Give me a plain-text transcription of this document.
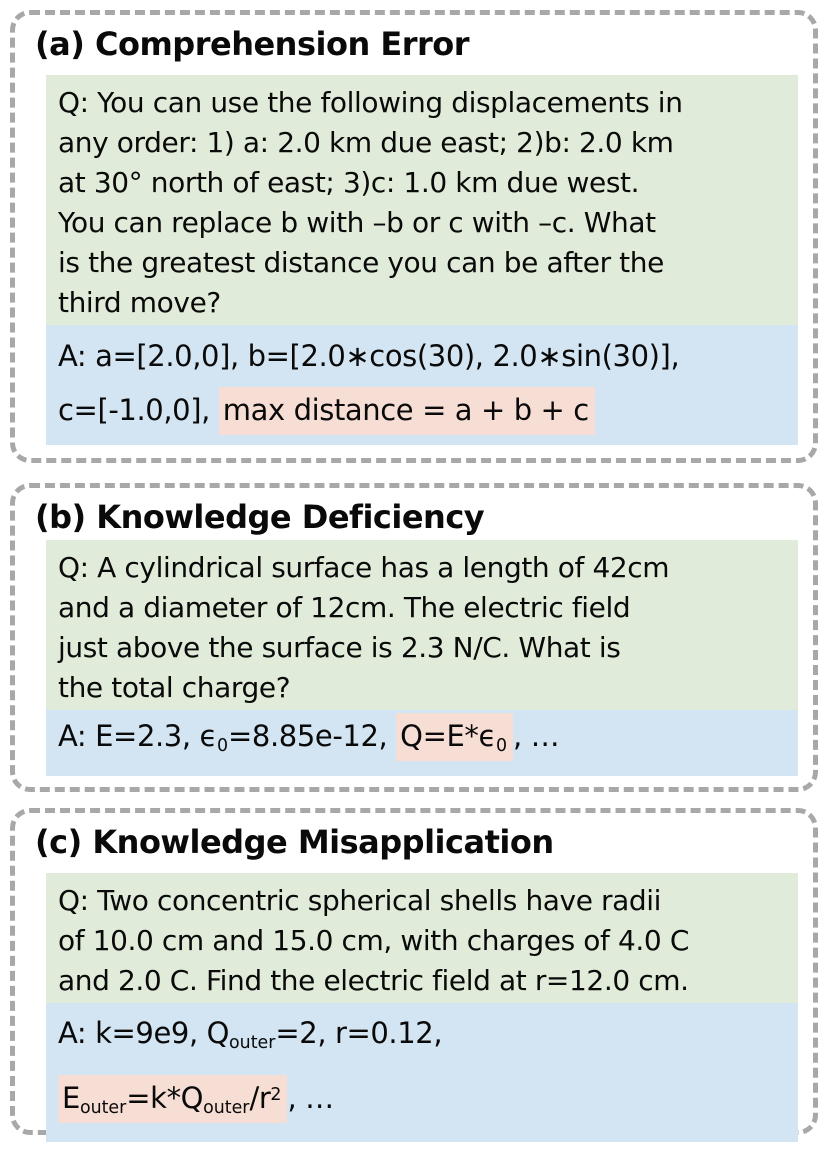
(a) Comprehension Error
Q: You can use the following displacements in
any order: 1) a: 2.0 km due east; 2)b: 2.0 km
at 30° north of east; 3)c: 1.0 km due west.
You can replace b with –b or c with –c. What
is the greatest distance you can be after the
third move?
A: a=[2.0,0], b=[2.0∗cos(30), 2.0∗sin(30)],
c=[-1.0,0], max distance = a + b + c
(b) Knowledge Deficiency
Q: A cylindrical surface has a length of 42cm
and a diameter of 12cm. The electric field
just above the surface is 2.3 N/C. What is
the total charge?
A: E=2.3, $\epsilon_0=8.85e-12$, $Q=E*\epsilon_0$ , …
(c) Knowledge Misapplication
Q: Two concentric spherical shells have radii
of 10.0 cm and 15.0 cm, with charges of 4.0 C
and 2.0 C. Find the electric field at r=12.0 cm.
A: k=9e9, $Q_{outer}=2$, r=0.12,
$E_{outer}=k*Q_{outer}/r^2$ , …
